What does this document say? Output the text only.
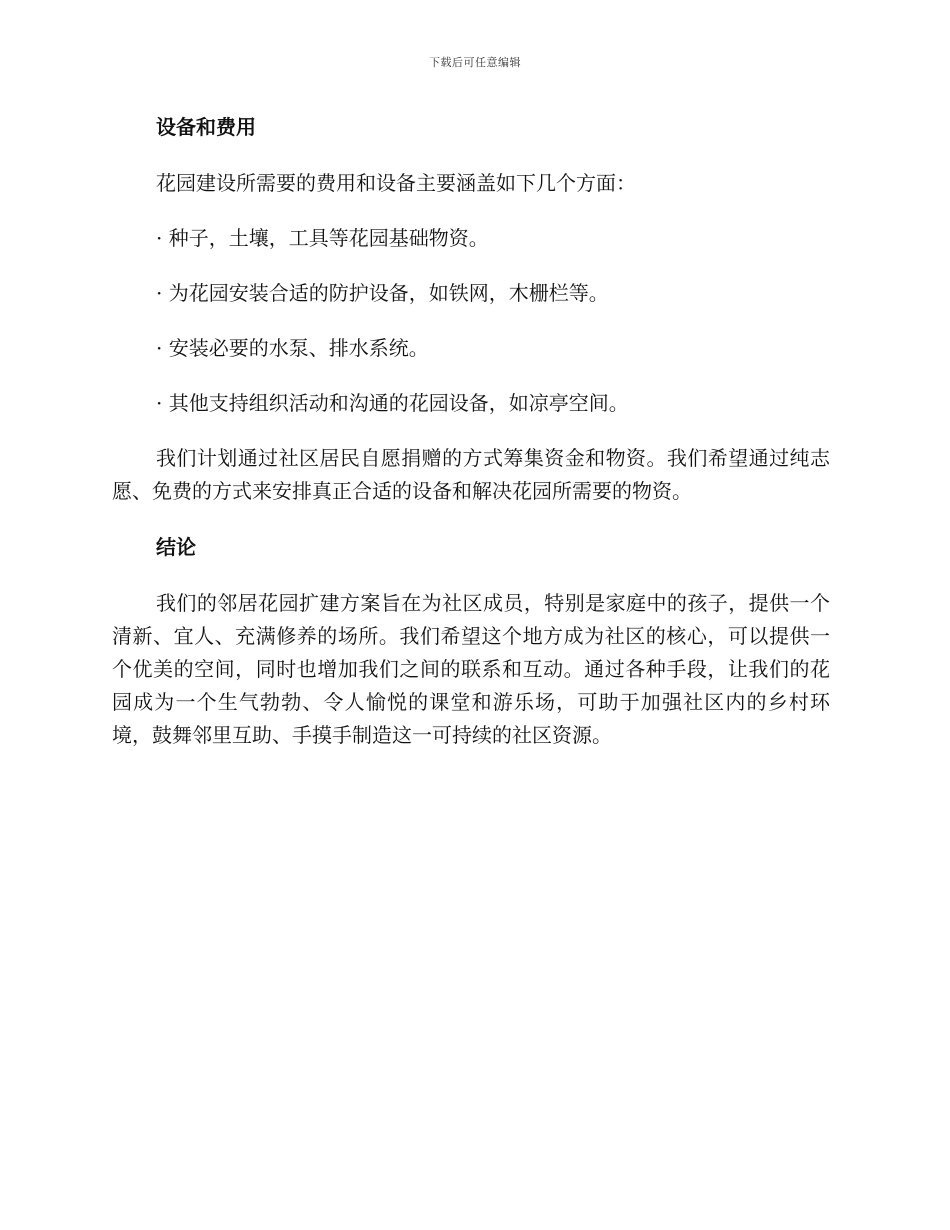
下载后可任意编辑
设备和费用

花园建设所需要的费用和设备主要涵盖如下几个方面：

· 种子，土壤，工具等花园基础物资。

· 为花园安装合适的防护设备，如铁网，木栅栏等。

· 安装必要的水泵、排水系统。

· 其他支持组织活动和沟通的花园设备，如凉亭空间。

我们计划通过社区居民自愿捐赠的方式筹集资金和物资。我们希望通过纯志愿、免费的方式来安排真正合适的设备和解决花园所需要的物资。

结论

我们的邻居花园扩建方案旨在为社区成员，特别是家庭中的孩子，提供一个清新、宜人、充满修养的场所。我们希望这个地方成为社区的核心，可以提供一个优美的空间，同时也增加我们之间的联系和互动。通过各种手段，让我们的花园成为一个生气勃勃、令人愉悦的课堂和游乐场，可助于加强社区内的乡村环境，鼓舞邻里互助、手摸手制造这一可持续的社区资源。
